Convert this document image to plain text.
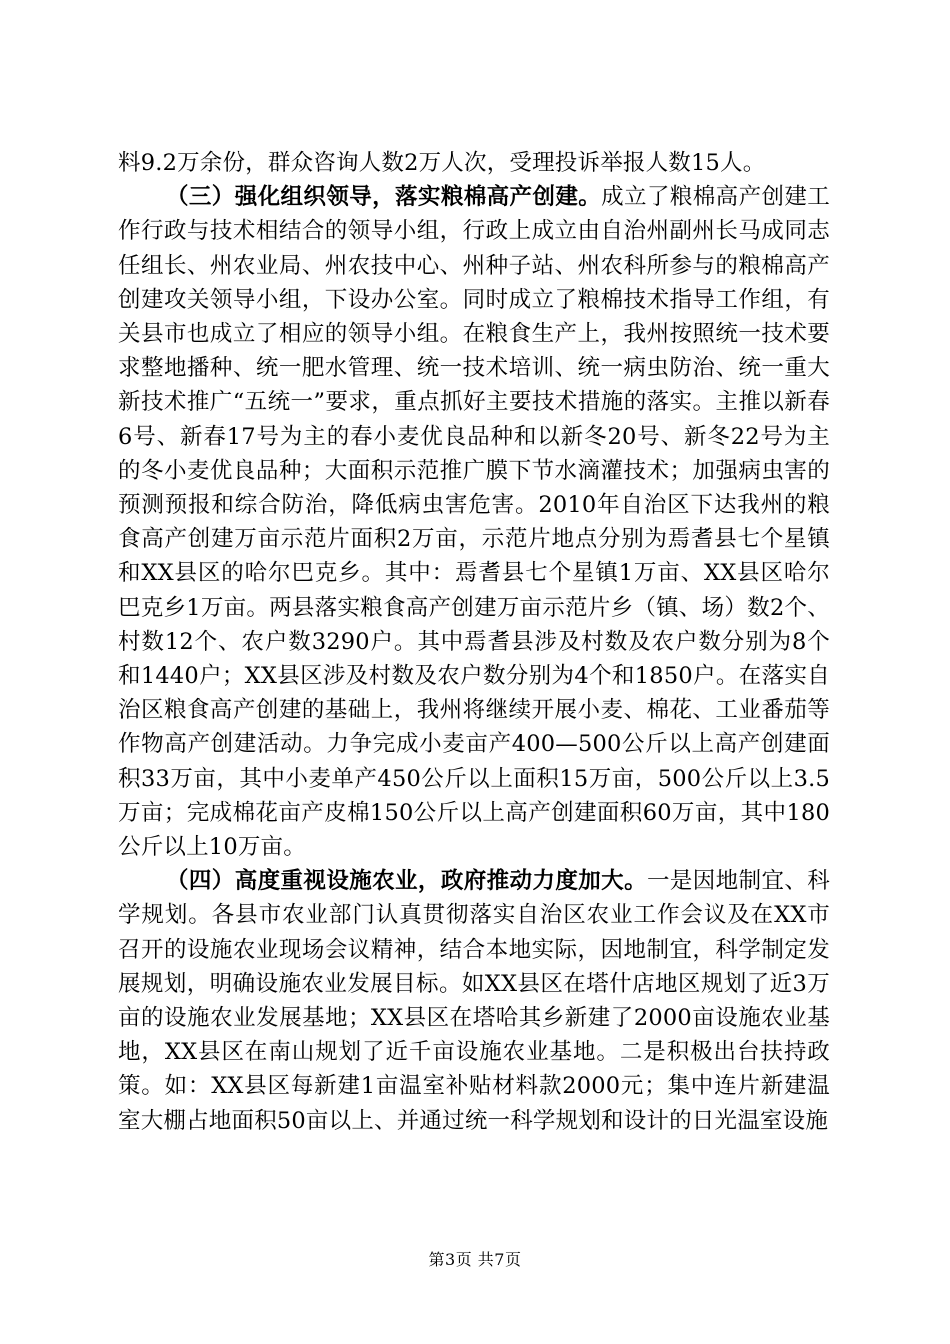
料9.2万余份，群众咨询人数2万人次，受理投诉举报人数15人。

（三）强化组织领导，落实粮棉高产创建。成立了粮棉高产创建工作行政与技术相结合的领导小组，行政上成立由自治州副州长马成同志任组长、州农业局、州农技中心、州种子站、州农科所参与的粮棉高产创建攻关领导小组，下设办公室。同时成立了粮棉技术指导工作组，有关县市也成立了相应的领导小组。在粮食生产上，我州按照统一技术要求整地播种、统一肥水管理、统一技术培训、统一病虫防治、统一重大新技术推广“五统一”要求，重点抓好主要技术措施的落实。主推以新春6号、新春17号为主的春小麦优良品种和以新冬20号、新冬22号为主的冬小麦优良品种；大面积示范推广膜下节水滴灌技术；加强病虫害的预测预报和综合防治，降低病虫害危害。2010年自治区下达我州的粮食高产创建万亩示范片面积2万亩，示范片地点分别为焉耆县七个星镇和XX县区的哈尔巴克乡。其中：焉耆县七个星镇1万亩、XX县区哈尔巴克乡1万亩。两县落实粮食高产创建万亩示范片乡（镇、场）数2个、村数12个、农户数3290户。其中焉耆县涉及村数及农户数分别为8个和1440户；XX县区涉及村数及农户数分别为4个和1850户。在落实自治区粮食高产创建的基础上，我州将继续开展小麦、棉花、工业番茄等作物高产创建活动。力争完成小麦亩产400—500公斤以上高产创建面积33万亩，其中小麦单产450公斤以上面积15万亩，500公斤以上3.5万亩；完成棉花亩产皮棉150公斤以上高产创建面积60万亩，其中180公斤以上10万亩。

（四）高度重视设施农业，政府推动力度加大。一是因地制宜、科学规划。各县市农业部门认真贯彻落实自治区农业工作会议及在XX市召开的设施农业现场会议精神，结合本地实际，因地制宜，科学制定发展规划，明确设施农业发展目标。如XX县区在塔什店地区规划了近3万亩的设施农业发展基地；XX县区在塔哈其乡新建了2000亩设施农业基地，XX县区在南山规划了近千亩设施农业基地。二是积极出台扶持政策。如：XX县区每新建1亩温室补贴材料款2000元；集中连片新建温室大棚占地面积50亩以上、并通过统一科学规划和设计的日光温室设施

第3页 共7页
